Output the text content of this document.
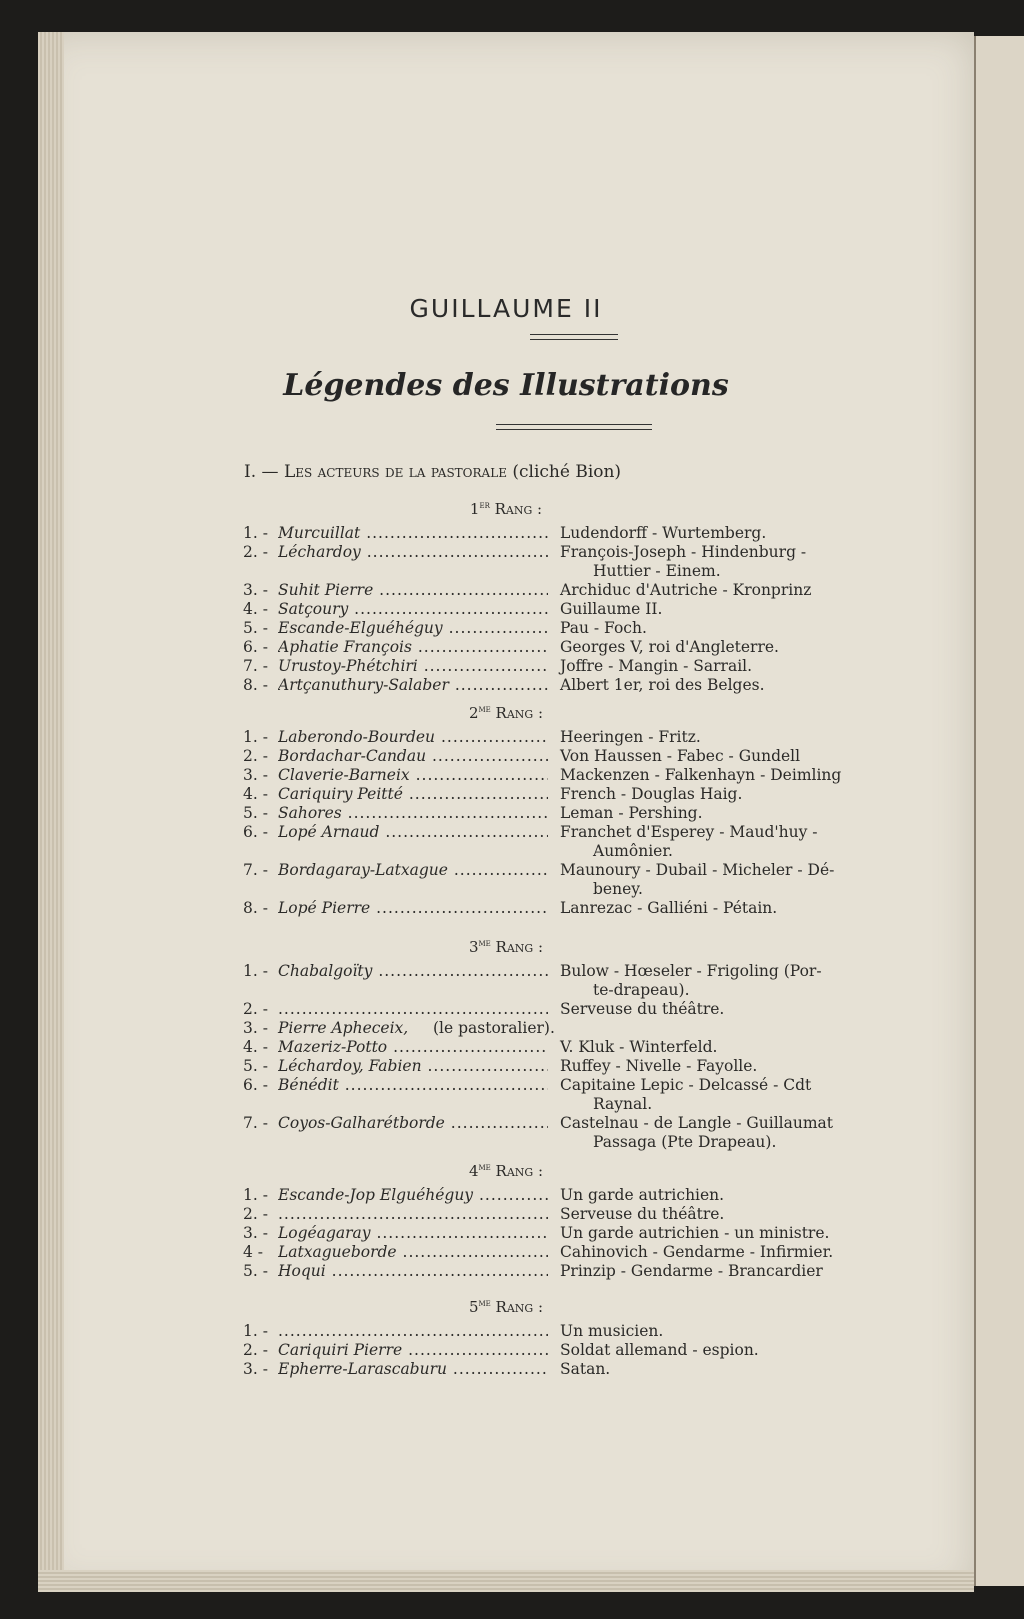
GUILLAUME II
Légendes des Illustrations
I. — Les acteurs de la pastorale (cliché Bion)
1er Rang :
1. - Murcuillat .....	Ludendorff - Wurtemberg.
2. - Léchardoy .....	François-Joseph - Hindenburg -
Huttier - Einem.
3. - Suhit Pierre .....	Archiduc d'Autriche - Kronprinz
4. - Satçoury .....	Guillaume II.
5. - Escande-Elguéhéguy .....	Pau - Foch.
6. - Aphatie François .....	Georges V, roi d'Angleterre.
7. - Urustoy-Phétchiri .....	Joffre - Mangin - Sarrail.
8. - Artçanuthury-Salaber .....	Albert 1er, roi des Belges.
$2^{me}$ Rang :
1. - Laberondo-Bourdeu .....	Heeringen - Fritz.
2. - Bordachar-Candau .....	Von Haussen - Fabec - Gundell
3. - Claverie-Barneix .....	Mackenzen - Falkenhayn - Deimling
4. - Cariquiry Peitté .....	French - Douglas Haig.
5. - Sahores .....	Leman - Pershing.
6. - Lopé Arnaud .....	Franchet d'Esperey - Maud'huy -
Aumônier.
7. - Bordagaray-Latxague .....	Maunoury - Dubail - Micheler - Dé-
beney.
8. - Lopé Pierre .....	Lanrezac - Galliéni - Pétain.
$3^{me}$ Rang :
1. - Chabalgoïty .....	Bulow - Hœseler - Frigoling (Por-
te-drapeau).
2. - .....	Serveuse du théâtre.
3. - Pierre Apheceix, (le pastoralier).
4. - Mazeriz-Potto .....	V. Kluk - Winterfeld.
5. - Léchardoy, Fabien .....	Ruffey - Nivelle - Fayolle.
6. - Bénédit .....	Capitaine Lepic - Delcassé - Cdt
Raynal.
7. - Coyos-Galharétborde .....	Castelnau - de Langle - Guillaumat
Passaga (Pte Drapeau).
$4^{me}$ Rang :
1. - Escande-Jop Elguéhéguy .....	Un garde autrichien.
2. - .....	Serveuse du théâtre.
3. - Logéagaray .....	Un garde autrichien - un ministre.
4 - Latxagueborde .....	Cahinovich - Gendarme - Infirmier.
5. - Hoqui .....	Prinzip - Gendarme - Brancardier
$5^{me}$ Rang :
1. - .....	Un musicien.
2. - Cariquiri Pierre .....	Soldat allemand - espion.
3. - Epherre-Larascaburu .....	Satan.
